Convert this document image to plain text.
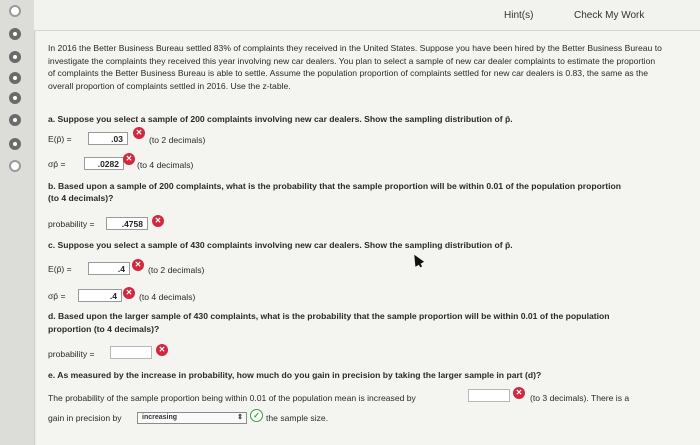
Hint(s)	Check My Work
In 2016 the Better Business Bureau settled 83% of complaints they received in the United States. Suppose you have been hired by the Better Business Bureau to investigate the complaints they received this year involving new car dealers. You plan to select a sample of new car dealer complaints to estimate the proportion of complaints the Better Business Bureau is able to settle. Assume the population proportion of complaints settled for new car dealers is 0.83, the same as the overall proportion of complaints settled in 2016. Use the z-table.
a. Suppose you select a sample of 200 complaints involving new car dealers. Show the sampling distribution of p̄.
E(p̄) =	.03
✕
(to 2 decimals)
σp̄ =	.0282
✕
(to 4 decimals)
b. Based upon a sample of 200 complaints, what is the probability that the sample proportion will be within 0.01 of the population proportion
(to 4 decimals)?
probability =	.4758	✕
c. Suppose you select a sample of 430 complaints involving new car dealers. Show the sampling distribution of p̄.
E(p̄) =	.4	✕
(to 2 decimals)
σp̄ =	.4	✕ (to 4 decimals)
d. Based upon the larger sample of 430 complaints, what is the probability that the sample proportion will be within 0.01 of the population
proportion (to 4 decimals)?
probability =	✕
e. As measured by the increase in probability, how much do you gain in precision by taking the larger sample in part (d)?
The probability of the sample proportion being within 0.01 of the population mean is increased by
✕
(to 3 decimals). There is a
gain in precision by	increasing	⇕	✓ the sample size.
